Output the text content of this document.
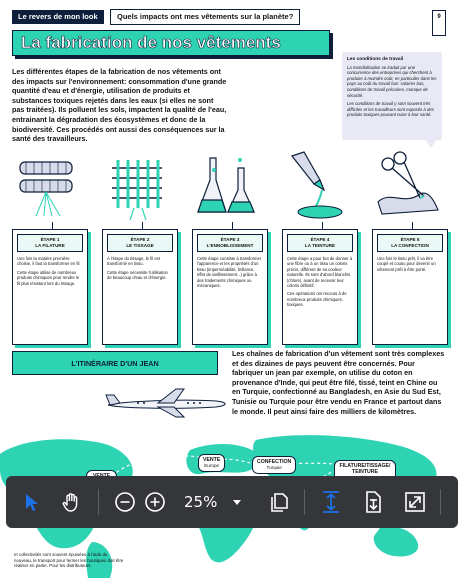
Le revers de mon look	Quels impacts ont mes vêtements sur la planète?	9
La fabrication de nos vêtements
Les différentes étapes de la fabrication de nos vêtements ont des impacts sur l'environnement: consommation d'une grande quantité d'eau et d'énergie, utilisation de produits et substances toxiques rejetés dans les eaux (si elles ne sont pas traitées). Ils polluent les sols, impactent la qualité de l'eau, entrainant la dégradation des écosystèmes et donc de la biodiversité. Ces procédés ont aussi des conséquences sur la santé des travailleurs.
Les conditions de travail

La mondialisation se traduit par une concurrence des entreprises qui cherchent à produire à moindre coût, en particulier dans les pays au coût du travail bas: salaires bas, conditions de travail précaires, manque de sécurité.

Les conditions de travail y sont souvent très difficiles et les travailleurs sont exposés à des produits toxiques pouvant nuire à leur santé.

ÉTAPE 1
LA FILATURE

Une fois la matière première choisie, il faut la transformer en fil.

Cette étape utilise de nombreux produits chimiques pour rendre le fil plus résistant lors du tissage.

ÉTAPE 2
LE TISSAGE

À l'étape du tissage, le fil est transformé en tissu.

Cette étape nécessite l'utilisation de beaucoup d'eau et d'énergie.

ÉTAPE 3
L'ENNOBLISSEMENT

Cette étape consiste à transformer l'apparence et les propriétés d'un tissu (imperméabilité, brillance, effet de vieillissement...) grâce à des traitements chimiques ou mécaniques.

ÉTAPE 4
LA TEINTURE

Cette étape a pour but de donner à une fibre ou à un tissu un coloris précis, différent de sa couleur naturelle. Ils sont d'abord blanchis (chlore), avant de recevoir leur coloris définitif.

Ces opérations ont recours à de nombreux produits chimiques, toxiques.

ÉTAPE 5
LA CONFECTION

Une fois le tissu prêt, il va être coupé et cousu pour devenir un vêtement prêt à être porté.

L'ITINÉRAIRE D'UN JEAN
Les chaînes de fabrication d'un vêtement sont très complexes et des dizaines de pays peuvent être concernés. Pour fabriquer un jean par exemple, on utilise du coton en provenance d'Inde, qui peut être filé, tissé, teint en Chine ou en Turquie, confectionné au Bangladesh, en Asie du Sud Est, Tunisie ou Turquie pour être vendu en France et partout dans le monde. Il peut ainsi faire des milliers de kilomètres.
VENTE
Europe
CONFECTION
Turquie	FILATURE/TISSAGE/ TEINTURE
et collectivités sont souvent épuisées à l'aide du nouveau, le transport pour fermer les boutiques doit être réaliser en partie. Pour les distributeurs
25%
